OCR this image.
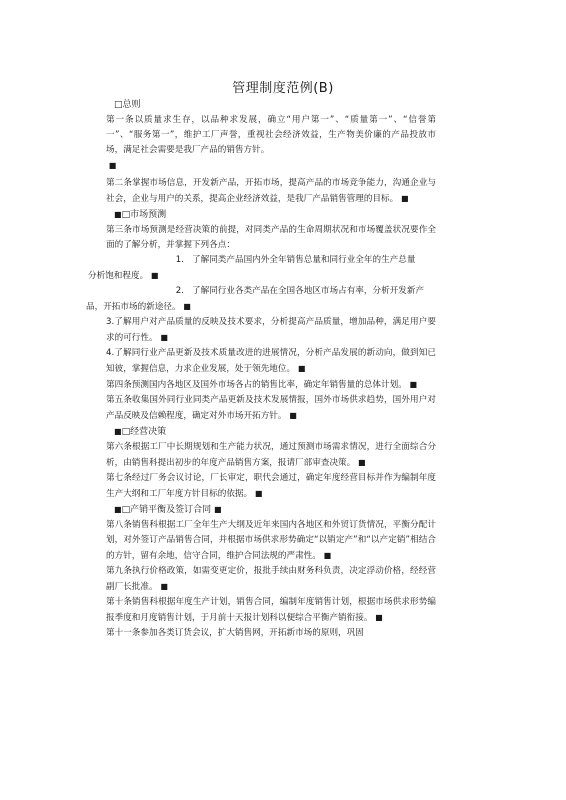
管理制度范例(B)

□总则

第一条以质量求生存，以品种求发展，确立“用户第一”、“质量第一”、“信誉第一”、“服务第一”，维护工厂声誉，重视社会经济效益，生产物美价廉的产品投放市场，满足社会需要是我厂产品的销售方针。

■

第二条掌握市场信息，开发新产品，开拓市场，提高产品的市场竞争能力，沟通企业与社会，企业与用户的关系，提高企业经济效益，是我厂产品销售管理的目标。 ■

■□市场预测

第三条市场预测是经营决策的前提，对同类产品的生命周期状况和市场覆盖状况要作全面的了解分析，并掌握下列各点：

1. 了解同类产品国内外全年销售总量和同行业全年的生产总量

分析饱和程度。 ■

2. 了解同行业各类产品在全国各地区市场占有率，分析开发新产

品，开拓市场的新途径。 ■

3.了解用户对产品质量的反映及技术要求，分析提高产品质量，增加品种，满足用户要求的可行性。 ■

4.了解同行业产品更新及技术质量改进的进展情况，分析产品发展的新动向，做到知已知彼，掌握信息，力求企业发展，处于领先地位。 ■

第四条预测国内各地区及国外市场各占的销售比率，确定年销售量的总体计划。 ■

第五条收集国外同行业同类产品更新及技术发展情报，国外市场供求趋势，国外用户对产品反映及信赖程度，确定对外市场开拓方针。 ■

■□经营决策

第六条根据工厂中长期规划和生产能力状况，通过预测市场需求情况，进行全面综合分析，由销售科提出初步的年度产品销售方案，报请厂部审查决策。 ■

第七条经过厂务会议讨论，厂长审定，职代会通过，确定年度经营目标并作为编制年度生产大纲和工厂年度方针目标的依据。 ■

■□产销平衡及签订合同 ■

第八条销售科根据工厂全年生产大纲及近年来国内各地区和外贸订货情况，平衡分配计划，对外签订产品销售合同，并根据市场供求形势确定“以销定产”和“以产定销”相结合的方针，留有余地，信守合同，维护合同法规的严肃性。 ■

第九条执行价格政策，如需变更定价，报批手续由财务科负责，决定浮动价格，经经营副厂长批准。 ■

第十条销售科根据年度生产计划，销售合同，编制年度销售计划，根据市场供求形势编报季度和月度销售计划，于月前十天报计划科以便综合平衡产销衔接。 ■

第十一条参加各类订货会议，扩大销售网，开拓新市场的原则，巩固
